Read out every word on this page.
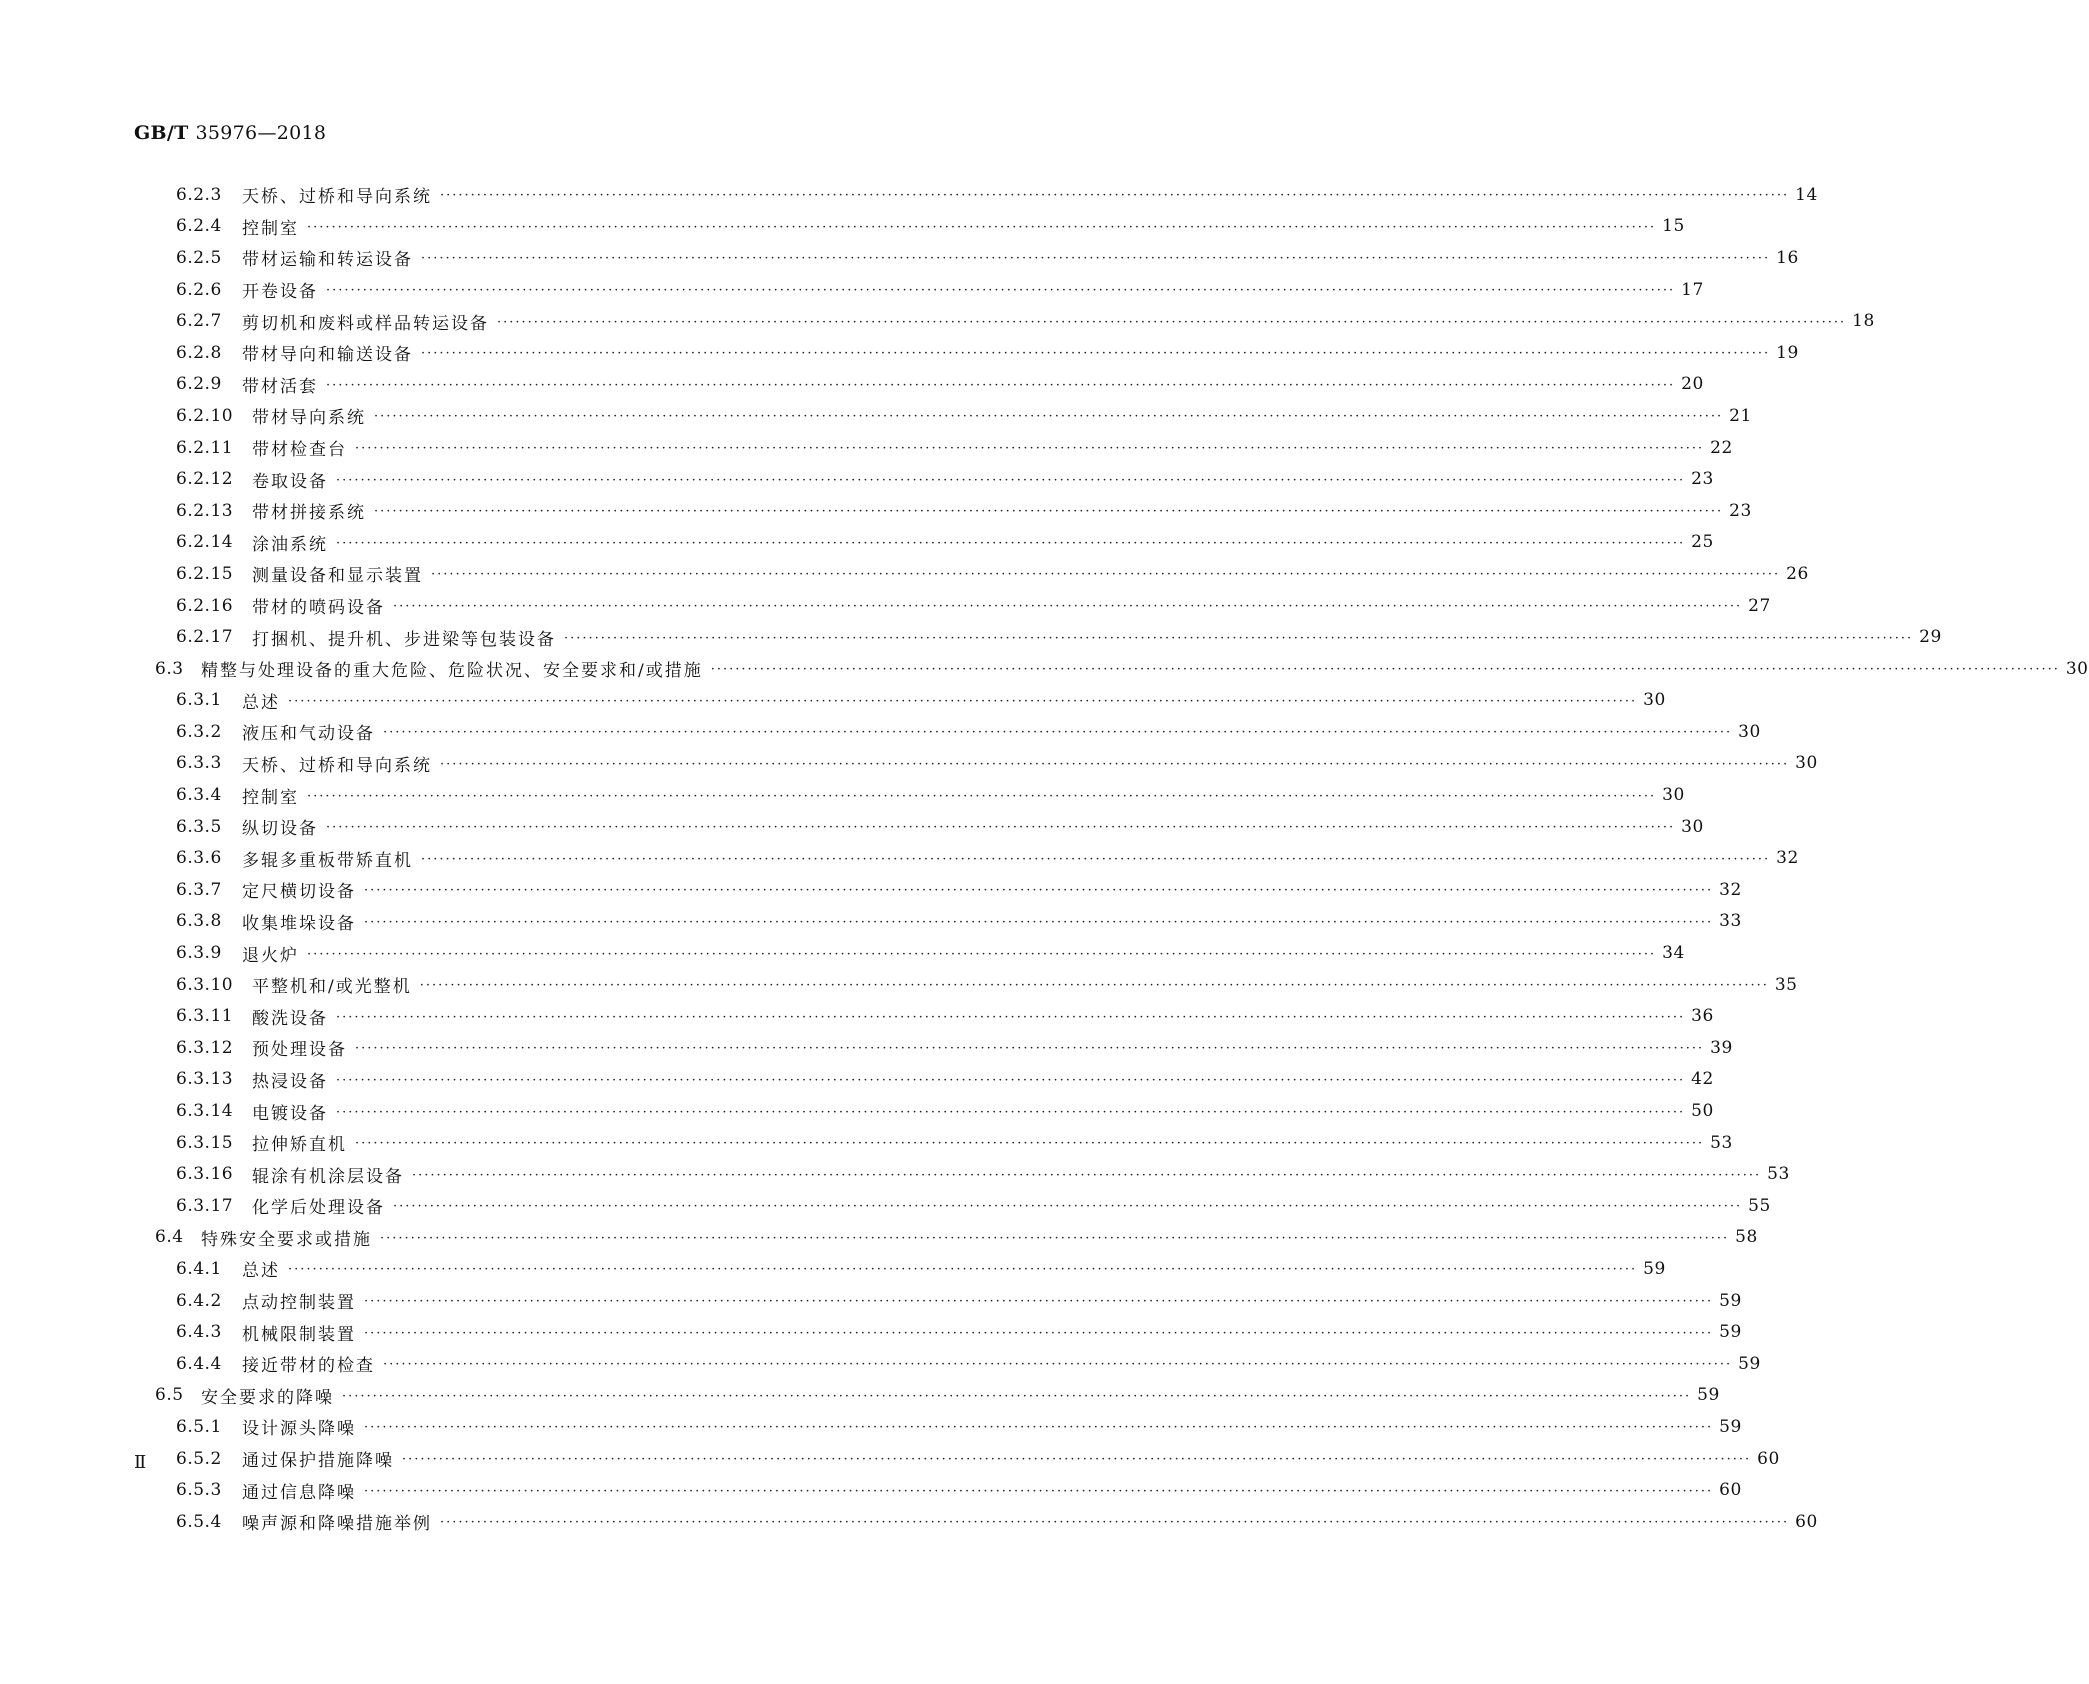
GB/T 35976—2018
6.2.3	天桥、过桥和导向系统 ···························································································································································································································· 14
6.2.4	控制室 ···························································································································································································································· 15
6.2.5	带材运输和转运设备 ···························································································································································································································· 16
6.2.6	开卷设备 ···························································································································································································································· 17
6.2.7	剪切机和废料或样品转运设备 ···························································································································································································································· 18
6.2.8	带材导向和输送设备 ···························································································································································································································· 19
6.2.9	带材活套 ···························································································································································································································· 20
6.2.10	带材导向系统 ···························································································································································································································· 21
6.2.11	带材检查台 ···························································································································································································································· 22
6.2.12	卷取设备 ···························································································································································································································· 23
6.2.13	带材拼接系统 ···························································································································································································································· 23
6.2.14	涂油系统 ···························································································································································································································· 25
6.2.15	测量设备和显示装置 ···························································································································································································································· 26
6.2.16	带材的喷码设备 ···························································································································································································································· 27
6.2.17	打捆机、提升机、步进梁等包装设备 ···························································································································································································································· 29
6.3	精整与处理设备的重大危险、危险状况、安全要求和/或措施 ···························································································································································································································· 30
6.3.1	总述 ···························································································································································································································· 30
6.3.2	液压和气动设备 ···························································································································································································································· 30
6.3.3	天桥、过桥和导向系统 ···························································································································································································································· 30
6.3.4	控制室 ···························································································································································································································· 30
6.3.5	纵切设备 ···························································································································································································································· 30
6.3.6	多辊多重板带矫直机 ···························································································································································································································· 32
6.3.7	定尺横切设备 ···························································································································································································································· 32
6.3.8	收集堆垛设备 ···························································································································································································································· 33
6.3.9	退火炉 ···························································································································································································································· 34
6.3.10	平整机和/或光整机 ···························································································································································································································· 35
6.3.11	酸洗设备 ···························································································································································································································· 36
6.3.12	预处理设备 ···························································································································································································································· 39
6.3.13	热浸设备 ···························································································································································································································· 42
6.3.14	电镀设备 ···························································································································································································································· 50
6.3.15	拉伸矫直机 ···························································································································································································································· 53
6.3.16	辊涂有机涂层设备 ···························································································································································································································· 53
6.3.17	化学后处理设备 ···························································································································································································································· 55
6.4	特殊安全要求或措施 ···························································································································································································································· 58
6.4.1	总述 ···························································································································································································································· 59
6.4.2	点动控制装置 ···························································································································································································································· 59
6.4.3	机械限制装置 ···························································································································································································································· 59
6.4.4	接近带材的检查 ···························································································································································································································· 59
6.5	安全要求的降噪 ···························································································································································································································· 59
6.5.1	设计源头降噪 ···························································································································································································································· 59
6.5.2	通过保护措施降噪 ···························································································································································································································· 60
6.5.3	通过信息降噪 ···························································································································································································································· 60
6.5.4	噪声源和降噪措施举例 ···························································································································································································································· 60
Ⅱ
